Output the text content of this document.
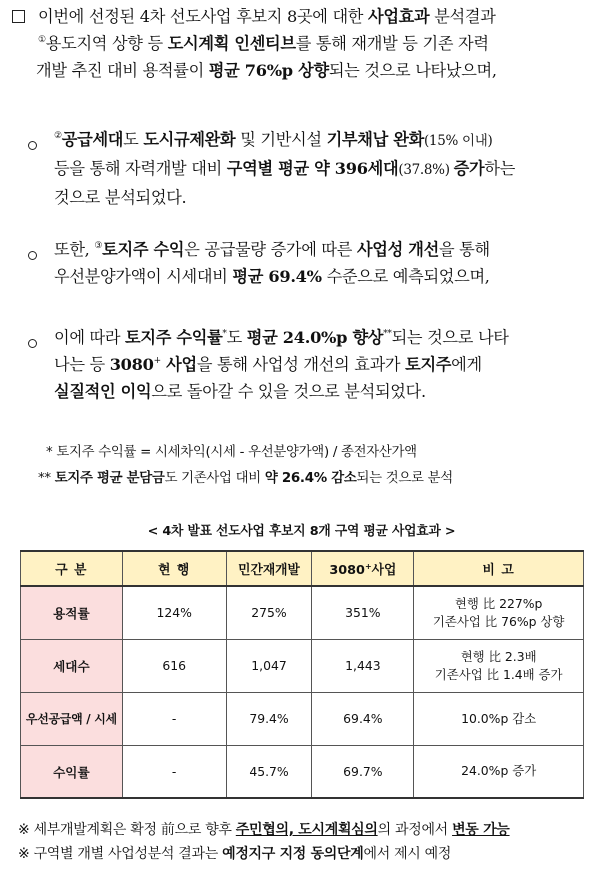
이번에 선정된 4차 선도사업 후보지 8곳에 대한 사업효과 분석결과
①용도지역 상향 등 도시계획 인센티브를 통해 재개발 등 기존 자력
개발 추진 대비 용적률이 평균 76%p 상향되는 것으로 나타났으며,
②공급세대도 도시규제완화 및 기반시설 기부채납 완화(15% 이내)
등을 통해 자력개발 대비 구역별 평균 약 396세대(37.8%) 증가하는
것으로 분석되었다.
또한, ③토지주 수익은 공급물량 증가에 따른 사업성 개선을 통해
우선분양가액이 시세대비 평균 69.4% 수준으로 예측되었으며,
이에 따라 토지주 수익률*도 평균 24.0%p 향상**되는 것으로 나타
나는 등 3080+ 사업을 통해 사업성 개선의 효과가 토지주에게
실질적인 이익으로 돌아갈 수 있을 것으로 분석되었다.
* 토지주 수익률 = 시세차익(시세 - 우선분양가액) / 종전자산가액
** 토지주 평균 분담금도 기존사업 대비 약 26.4% 감소되는 것으로 분석
< 4차 발표 선도사업 후보지 8개 구역 평균 사업효과 >
구 분	현 행	민간재개발	3080+사업	비 고
용적률	124%	275%	351%	현행 比 227%p
기존사업 比 76%p 상향

세대수	616	1,047	1,443	현행 比 2.3배
기존사업 比 1.4배 증가

우선공급액 / 시세	-	79.4%	69.4%	10.0%p 감소
수익률	-	45.7%	69.7%	24.0%p 증가
※ 세부개발계획은 확정 前으로 향후 주민협의, 도시계획심의의 과정에서 변동 가능
※ 구역별 개별 사업성분석 결과는 예정지구 지정 동의단계에서 제시 예정
